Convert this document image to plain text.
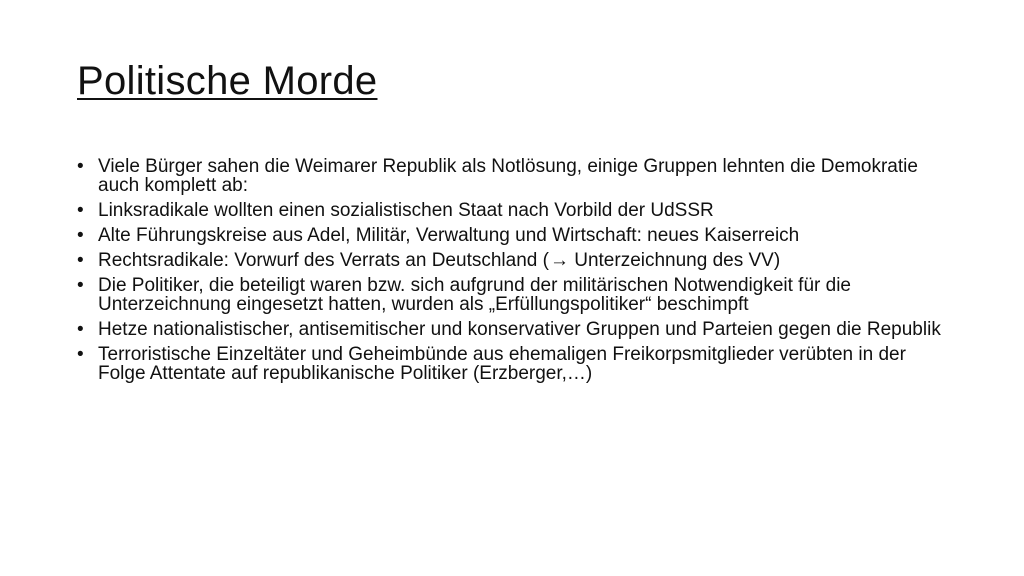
Politische Morde
• Viele Bürger sahen die Weimarer Republik als Notlösung, einige Gruppen lehnten die Demokratie auch komplett ab:
• Linksradikale wollten einen sozialistischen Staat nach Vorbild der UdSSR
• Alte Führungskreise aus Adel, Militär, Verwaltung und Wirtschaft: neues Kaiserreich
• Rechtsradikale: Vorwurf des Verrats an Deutschland (→ Unterzeichnung des VV)
• Die Politiker, die beteiligt waren bzw. sich aufgrund der militärischen Notwendigkeit für die Unterzeichnung eingesetzt hatten, wurden als „Erfüllungspolitiker“ beschimpft
• Hetze nationalistischer, antisemitischer und konservativer Gruppen und Parteien gegen die Republik
• Terroristische Einzeltäter und Geheimbünde aus ehemaligen Freikorpsmitglieder verübten in der Folge Attentate auf republikanische Politiker (Erzberger,…)
